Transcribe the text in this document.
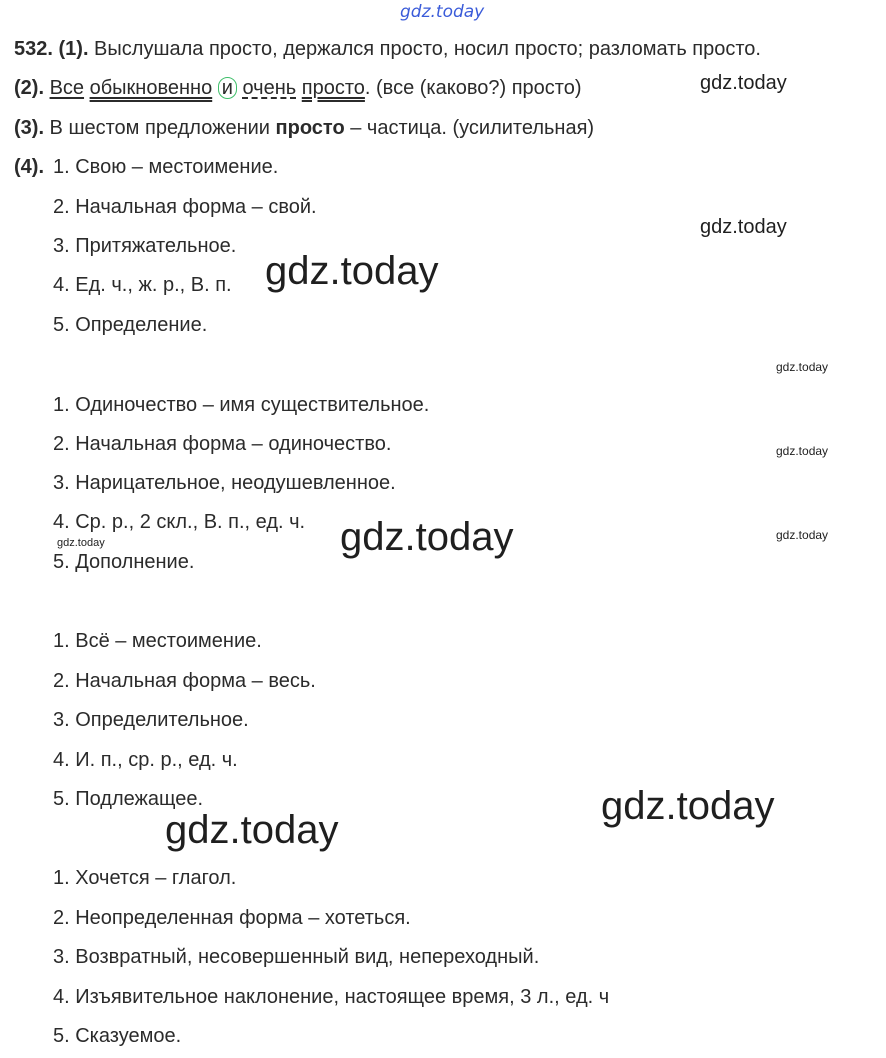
gdz.today
gdz.today
gdz.today
gdz.today
gdz.today
gdz.today
gdz.today
gdz.today	gdz.today
gdz.today
gdz.today
532. (1). Выслушала просто, держался просто, носил просто; разломать просто.
(2). Все обыкновенно и очень просто. (все (каково?) просто)
(3). В шестом предложении просто – частица. (усилительная)
(4). 1. Свою – местоимение.
2. Начальная форма – свой.
3. Притяжательное.
4. Ед. ч., ж. р., В. п.
5. Определение.
1. Одиночество – имя существительное.
2. Начальная форма – одиночество.
3. Нарицательное, неодушевленное.
4. Ср. р., 2 скл., В. п., ед. ч.
5. Дополнение.
1. Всё – местоимение.
2. Начальная форма – весь.
3. Определительное.
4. И. п., ср. р., ед. ч.
5. Подлежащее.
1. Хочется – глагол.
2. Неопределенная форма – хотеться.
3. Возвратный, несовершенный вид, непереходный.
4. Изъявительное наклонение, настоящее время, 3 л., ед. ч
5. Сказуемое.
